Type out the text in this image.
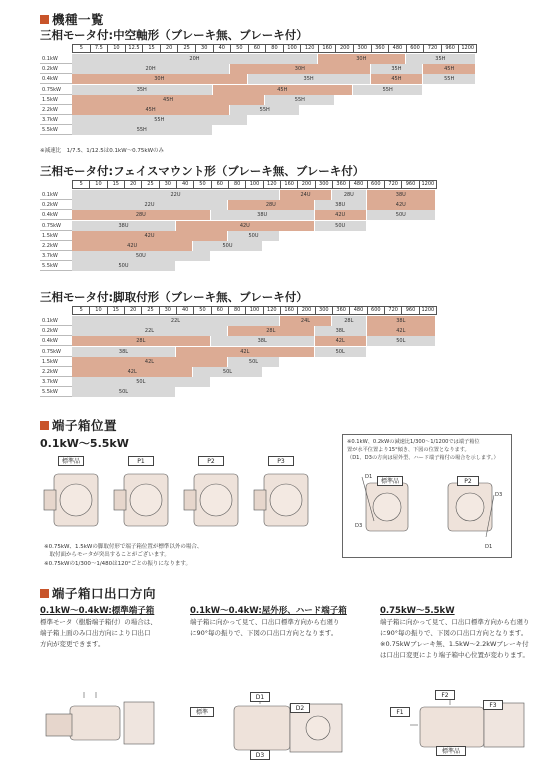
機種一覧
三相モータ付:中空軸形（ブレーキ無、ブレーキ付）
5	7.5	10	12.5	15	20	25	30	40	50	60	80	100	120	160	200	300	360	480	600	720	960	1200
0.1kW	20H	30H	35H
0.2kW	20H	30H	35H	45H
0.4kW	30H	35H	45H	55H
0.75kW	35H	45H	55H
1.5kW	45H	55H
2.2kW	45H	55H
3.7kW	55H
5.5kW	55H
※減速比　1/7.5、1/12.5は0.1kW〜0.75kWのみ
三相モータ付:フェイスマウント形（ブレーキ無、ブレーキ付）
5	10	15	20	25	30	40	50	60	80	100	120	160	200	300	360	480	600	720	960	1200
0.1kW	22U	24U	28U	38U
0.2kW	22U	28U	38U	42U
0.4kW	28U	38U	42U	50U
0.75kW	38U	42U	50U
1.5kW	42U	50U
2.2kW	42U	50U
3.7kW	50U
5.5kW	50U
三相モータ付:脚取付形（ブレーキ無、ブレーキ付）
5	10	15	20	25	30	40	50	60	80	100	120	160	200	300	360	480	600	720	960	1200
0.1kW	22L	24L	28L	38L
0.2kW	22L	28L	38L	42L
0.4kW	28L	38L	42L	50L
0.75kW	38L	42L	50L
1.5kW	42L	50L
2.2kW	42L	50L
3.7kW	50L
5.5kW	50L
端子箱位置
0.1kW〜5.5kW
標準品	P1	P2	P3
※0.75kW、1.5kWの脚取付形で端子箱位置が標準以外の場合、
　取付面からモータが突出することがございます。
※0.75kWの1/300〜1/480は120°ごとの振りになります。
※0.1kW、0.2kWの減速比1/300〜1/1200では端子箱位
置が水平位置より15°傾き、下図の位置となります。
（D1、D3の方向は屋外型、ハード端子箱付の場合を示します。）
標準品	P2
D1
D3
D3
D1
端子箱口出口方向
0.1kW〜0.4kW:標準端子箱
標準モータ（樹脂端子箱付）の場合は、
端子箱上面のみ口出方向により口出口
方向が変更できます。
0.1kW〜0.4kW:屋外形、ハード端子箱
端子箱に向かって見て、口出口標準方向から右廻り
に90°毎の振りで、下図の口出口方向となります。
0.75kW〜5.5kW
端子箱に向かって見て、口出口標準方向から右廻り
に90°毎の振りで、下図の口出口方向となります。
※0.75kWブレーキ無、1.5kW〜2.2kWブレーキ付
は口出口変更により端子箱中心位置が変わります。
D1
標準
D2
D3
F2
F1
F3
標準品
